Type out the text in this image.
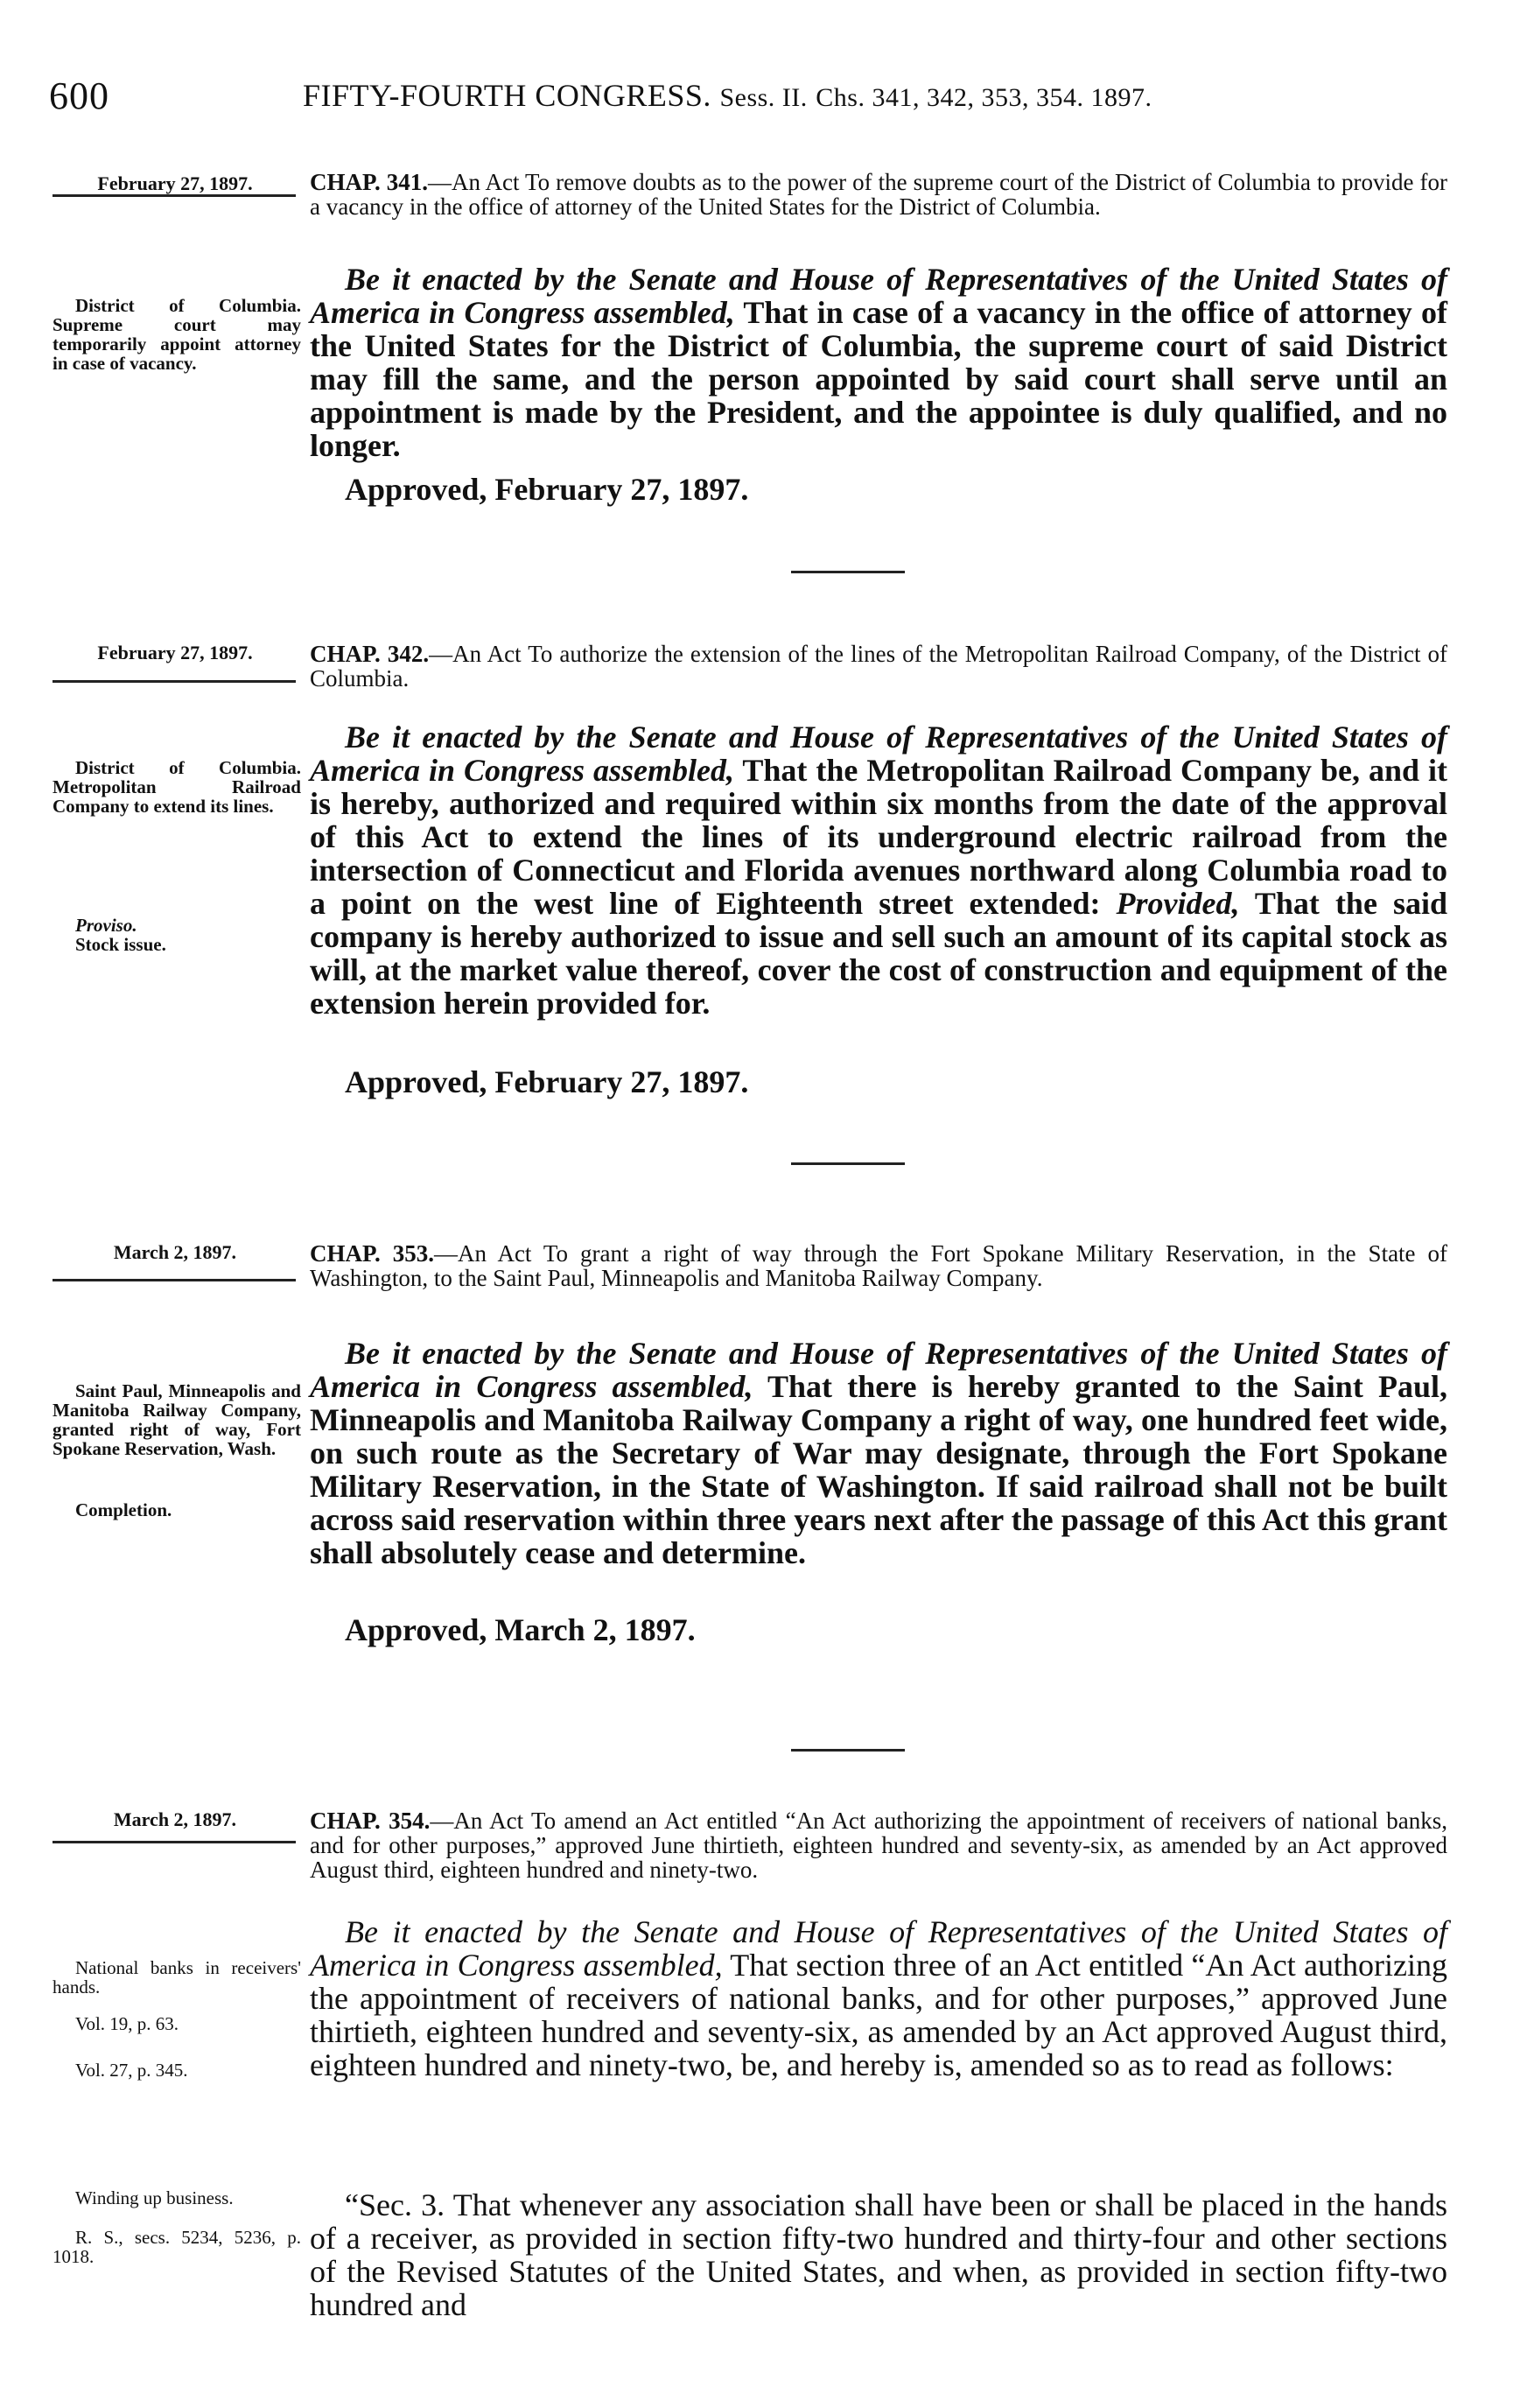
600	FIFTY-FOURTH CONGRESS. Sess. II. Chs. 341, 342, 353, 354. 1897.
February 27, 1897.	CHAP. 341.—An Act To remove doubts as to the power of the supreme court of the District of Columbia to provide for a vacancy in the office of attorney of the United States for the District of Columbia.
District of Columbia. Supreme court may temporarily appoint attorney in case of vacancy.
Be it enacted by the Senate and House of Representatives of the United States of America in Congress assembled, That in case of a vacancy in the office of attorney of the United States for the District of Columbia, the supreme court of said District may fill the same, and the person appointed by said court shall serve until an appointment is made by the President, and the appointee is duly qualified, and no longer.
Approved, February 27, 1897.
February 27, 1897.	CHAP. 342.—An Act To authorize the extension of the lines of the Metropolitan Railroad Company, of the District of Columbia.
District of Columbia. Metropolitan Railroad Company to extend its lines.
Proviso.
Stock issue.
Be it enacted by the Senate and House of Representatives of the United States of America in Congress assembled, That the Metropolitan Railroad Company be, and it is hereby, authorized and required within six months from the date of the approval of this Act to extend the lines of its underground electric railroad from the intersection of Connecticut and Florida avenues northward along Columbia road to a point on the west line of Eighteenth street extended: Provided, That the said company is hereby authorized to issue and sell such an amount of its capital stock as will, at the market value thereof, cover the cost of construction and equipment of the extension herein provided for.
Approved, February 27, 1897.
March 2, 1897.	CHAP. 353.—An Act To grant a right of way through the Fort Spokane Military Reservation, in the State of Washington, to the Saint Paul, Minneapolis and Manitoba Railway Company.
Saint Paul, Minneapolis and Manitoba Railway Company, granted right of way, Fort Spokane Reservation, Wash.
Completion.
Be it enacted by the Senate and House of Representatives of the United States of America in Congress assembled, That there is hereby granted to the Saint Paul, Minneapolis and Manitoba Railway Company a right of way, one hundred feet wide, on such route as the Secretary of War may designate, through the Fort Spokane Military Reservation, in the State of Washington. If said railroad shall not be built across said reservation within three years next after the passage of this Act this grant shall absolutely cease and determine.
Approved, March 2, 1897.
March 2, 1897.	CHAP. 354.—An Act To amend an Act entitled “An Act authorizing the appointment of receivers of national banks, and for other purposes,” approved June thirtieth, eighteen hundred and seventy-six, as amended by an Act approved August third, eighteen hundred and ninety-two.
National banks in receivers' hands.
Vol. 19, p. 63.
Vol. 27, p. 345.
Winding up business.
R. S., secs. 5234, 5236, p. 1018.
Be it enacted by the Senate and House of Representatives of the United States of America in Congress assembled, That section three of an Act entitled “An Act authorizing the appointment of receivers of national banks, and for other purposes,” approved June thirtieth, eighteen hundred and seventy-six, as amended by an Act approved August third, eighteen hundred and ninety-two, be, and hereby is, amended so as to read as follows:
“Sec. 3. That whenever any association shall have been or shall be placed in the hands of a receiver, as provided in section fifty-two hundred and thirty-four and other sections of the Revised Statutes of the United States, and when, as provided in section fifty-two hundred and
